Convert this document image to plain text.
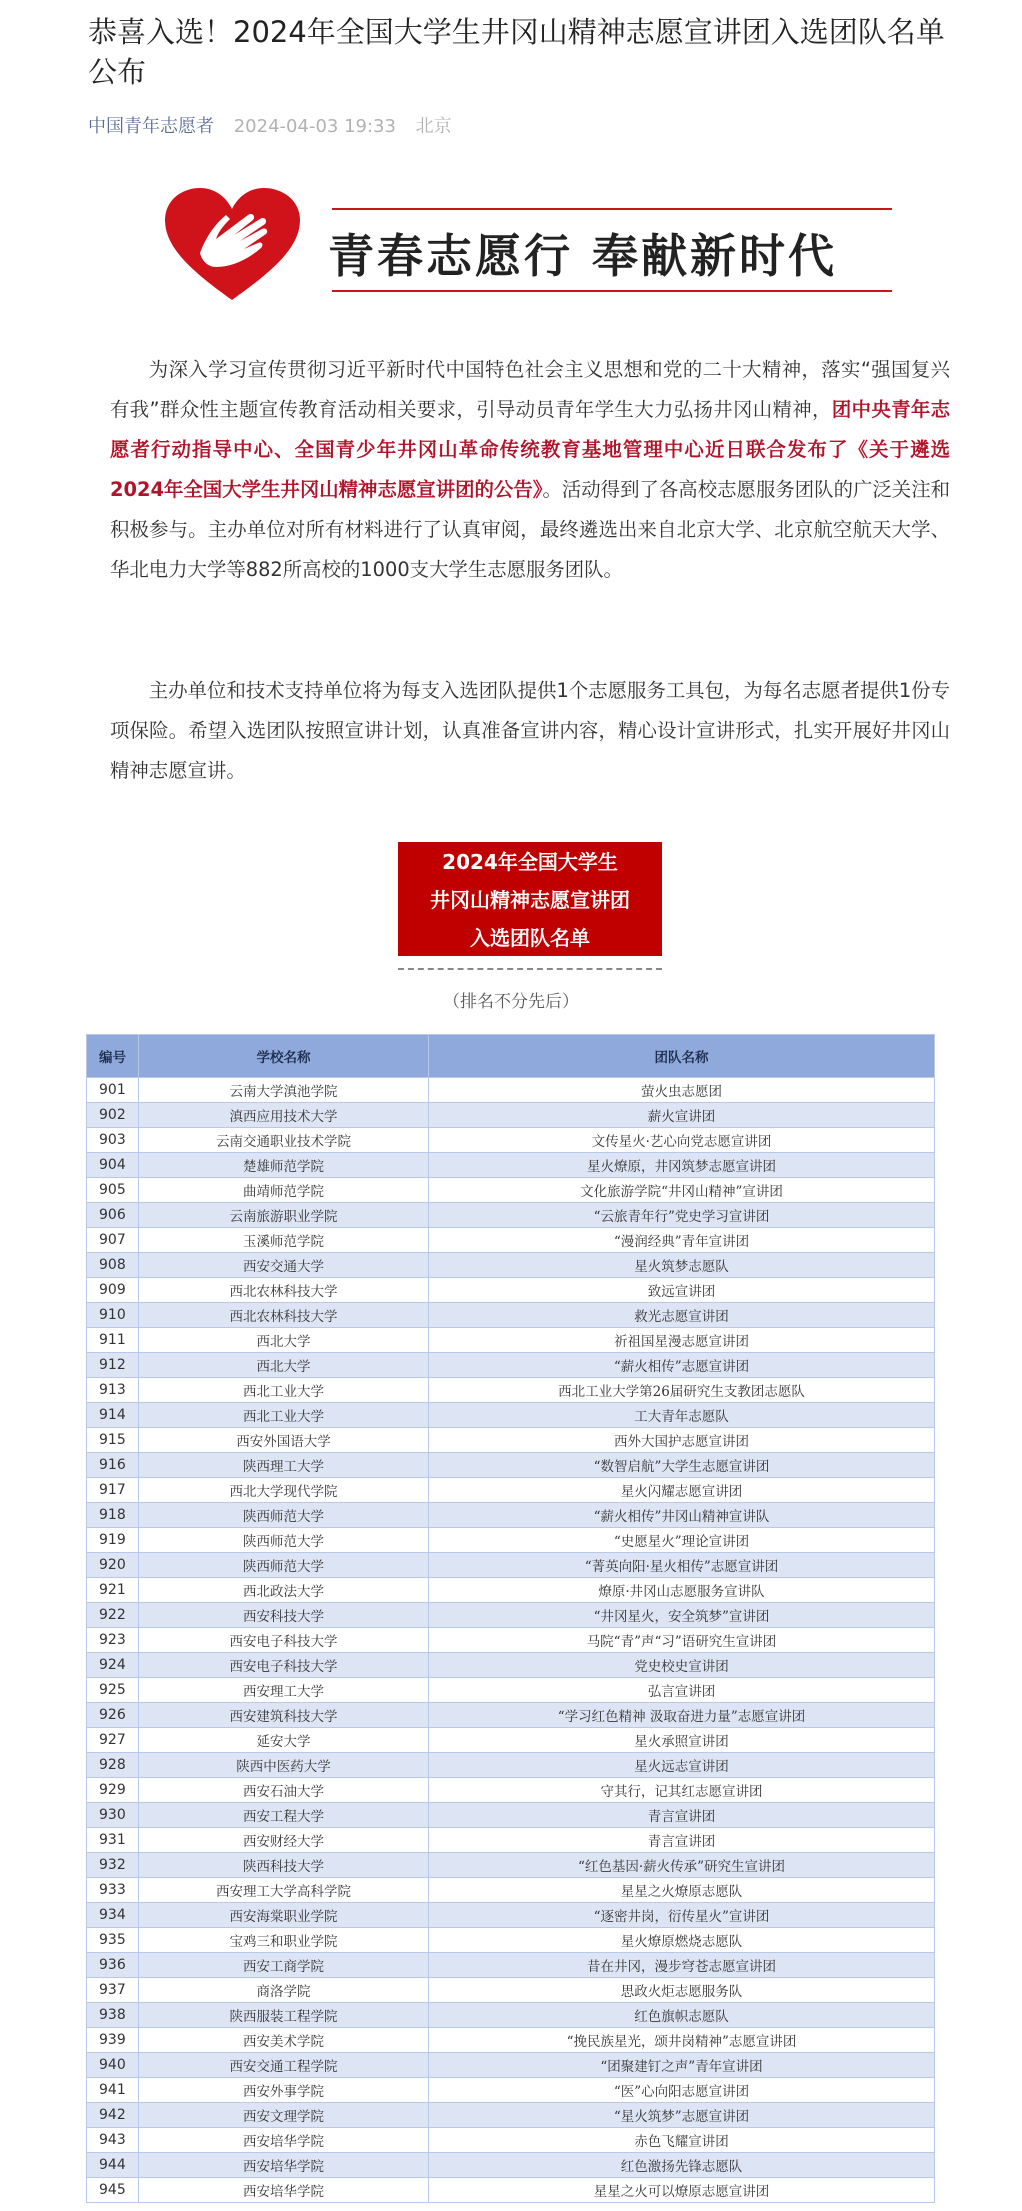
恭喜入选！2024年全国大学生井冈山精神志愿宣讲团入选团队名单公布
中国青年志愿者 2024-04-03 19:33 北京
青春志愿行 奉献新时代

为深入学习宣传贯彻习近平新时代中国特色社会主义思想和党的二十大精神，落实“强国复兴有我”群众性主题宣传教育活动相关要求，引导动员青年学生大力弘扬井冈山精神，团中央青年志愿者行动指导中心、全国青少年井冈山革命传统教育基地管理中心近日联合发布了《关于遴选2024年全国大学生井冈山精神志愿宣讲团的公告》。活动得到了各高校志愿服务团队的广泛关注和积极参与。主办单位对所有材料进行了认真审阅，最终遴选出来自北京大学、北京航空航天大学、华北电力大学等882所高校的1000支大学生志愿服务团队。

主办单位和技术支持单位将为每支入选团队提供1个志愿服务工具包，为每名志愿者提供1份专项保险。希望入选团队按照宣讲计划，认真准备宣讲内容，精心设计宣讲形式，扎实开展好井冈山精神志愿宣讲。

2024年全国大学生
井冈山精神志愿宣讲团
入选团队名单
（排名不分先后）
编号	学校名称	团队名称
901	云南大学滇池学院	萤火虫志愿团
902	滇西应用技术大学	薪火宣讲团
903	云南交通职业技术学院	文传星火·艺心向党志愿宣讲团
904	楚雄师范学院	星火燎原，井冈筑梦志愿宣讲团
905	曲靖师范学院	文化旅游学院“井冈山精神”宣讲团
906	云南旅游职业学院	“云旅青年行”党史学习宣讲团
907	玉溪师范学院	“漫润经典”青年宣讲团
908	西安交通大学	星火筑梦志愿队
909	西北农林科技大学	致远宣讲团
910	西北农林科技大学	救光志愿宣讲团
911	西北大学	祈祖国星漫志愿宣讲团
912	西北大学	“薪火相传”志愿宣讲团
913	西北工业大学	西北工业大学第26届研究生支教团志愿队
914	西北工业大学	工大青年志愿队
915	西安外国语大学	西外大国护志愿宣讲团
916	陕西理工大学	“数智启航”大学生志愿宣讲团
917	西北大学现代学院	星火闪耀志愿宣讲团
918	陕西师范大学	“薪火相传”井冈山精神宣讲队
919	陕西师范大学	“史愿星火”理论宣讲团
920	陕西师范大学	“菁英向阳·星火相传”志愿宣讲团
921	西北政法大学	燎原·井冈山志愿服务宣讲队
922	西安科技大学	“井冈星火，安全筑梦”宣讲团
923	西安电子科技大学	马院“青”声“习”语研究生宣讲团
924	西安电子科技大学	党史校史宣讲团
925	西安理工大学	弘言宣讲团
926	西安建筑科技大学	“学习红色精神 汲取奋进力量”志愿宣讲团
927	延安大学	星火承照宣讲团
928	陕西中医药大学	星火远志宣讲团
929	西安石油大学	守其行，记其红志愿宣讲团
930	西安工程大学	青言宣讲团
931	西安财经大学	青言宣讲团
932	陕西科技大学	“红色基因·薪火传承”研究生宣讲团
933	西安理工大学高科学院	星星之火燎原志愿队
934	西安海棠职业学院	“逐密井岗，衍传星火”宣讲团
935	宝鸡三和职业学院	星火燎原燃烧志愿队
936	西安工商学院	昔在井冈，漫步穹苍志愿宣讲团
937	商洛学院	思政火炬志愿服务队
938	陕西服装工程学院	红色旗帜志愿队
939	西安美术学院	“挽民族星光，颂井岗精神”志愿宣讲团
940	西安交通工程学院	“团聚建钉之声”青年宣讲团
941	西安外事学院	“医”心向阳志愿宣讲团
942	西安文理学院	“星火筑梦”志愿宣讲团
943	西安培华学院	赤色飞耀宣讲团
944	西安培华学院	红色激扬先锋志愿队
945	西安培华学院	星星之火可以燎原志愿宣讲团
